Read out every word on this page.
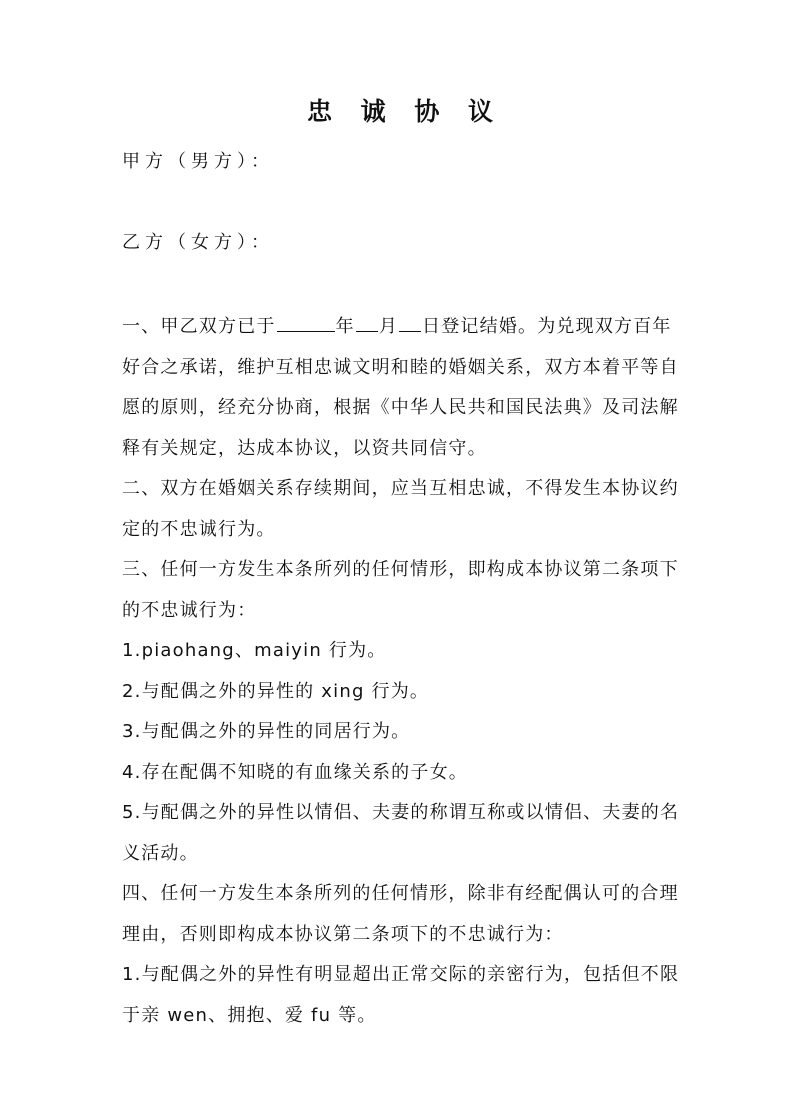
忠 诚 协 议
甲方（男方）：
乙方（女方）：

一、甲乙双方已于	年 月 日登记结婚。为兑现双方百年好合之承诺，维护互相忠诚文明和睦的婚姻关系，双方本着平等自愿的原则，经充分协商，根据《中华人民共和国民法典》及司法解释有关规定，达成本协议，以资共同信守。

二、双方在婚姻关系存续期间，应当互相忠诚，不得发生本协议约定的不忠诚行为。

三、任何一方发生本条所列的任何情形，即构成本协议第二条项下的不忠诚行为：

1.piaohang、maiyin 行为。

2.与配偶之外的异性的 xing 行为。

3.与配偶之外的异性的同居行为。

4.存在配偶不知晓的有血缘关系的子女。

5.与配偶之外的异性以情侣、夫妻的称谓互称或以情侣、夫妻的名义活动。

四、任何一方发生本条所列的任何情形，除非有经配偶认可的合理理由，否则即构成本协议第二条项下的不忠诚行为：

1.与配偶之外的异性有明显超出正常交际的亲密行为，包括但不限于亲 wen、拥抱、爱 fu 等。
